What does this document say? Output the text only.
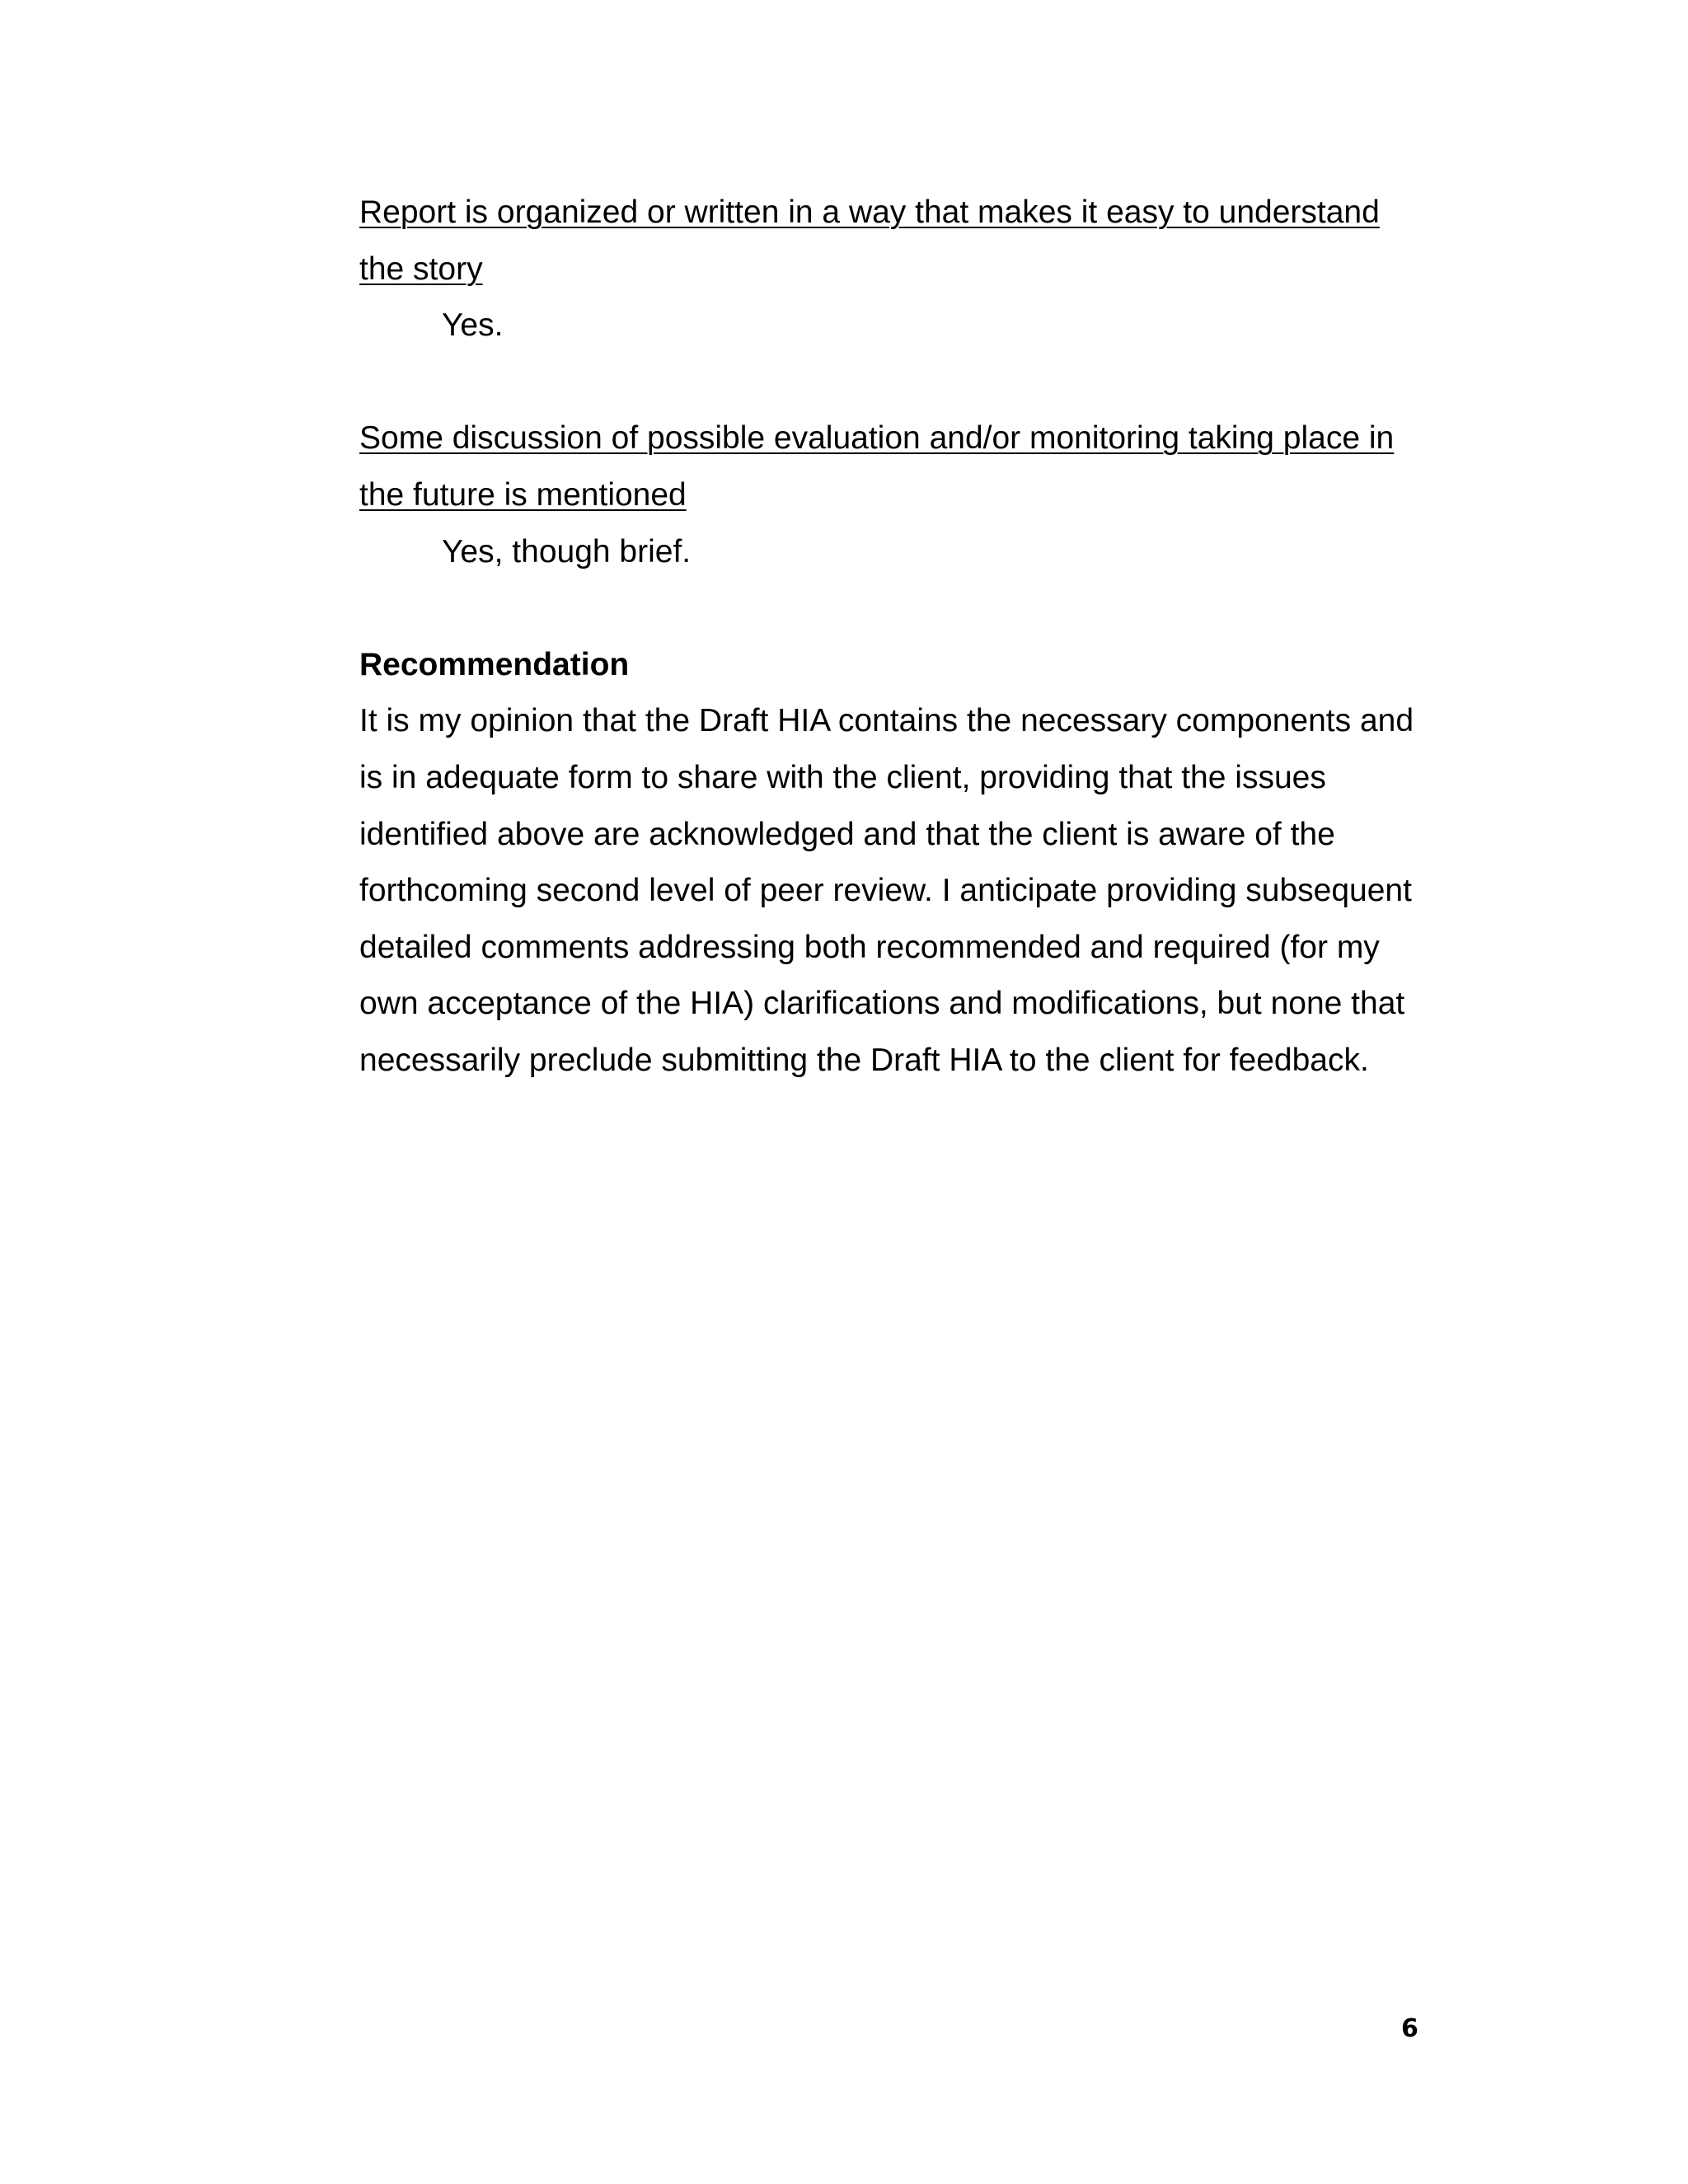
Report is organized or written in a way that makes it easy to understand the story

Yes.

Some discussion of possible evaluation and/or monitoring taking place in the future is mentioned

Yes, though brief.

Recommendation

It is my opinion that the Draft HIA contains the necessary components and is in adequate form to share with the client, providing that the issues identified above are acknowledged and that the client is aware of the forthcoming second level of peer review. I anticipate providing subsequent detailed comments addressing both recommended and required (for my own acceptance of the HIA) clarifications and modifications, but none that necessarily preclude submitting the Draft HIA to the client for feedback.

6
